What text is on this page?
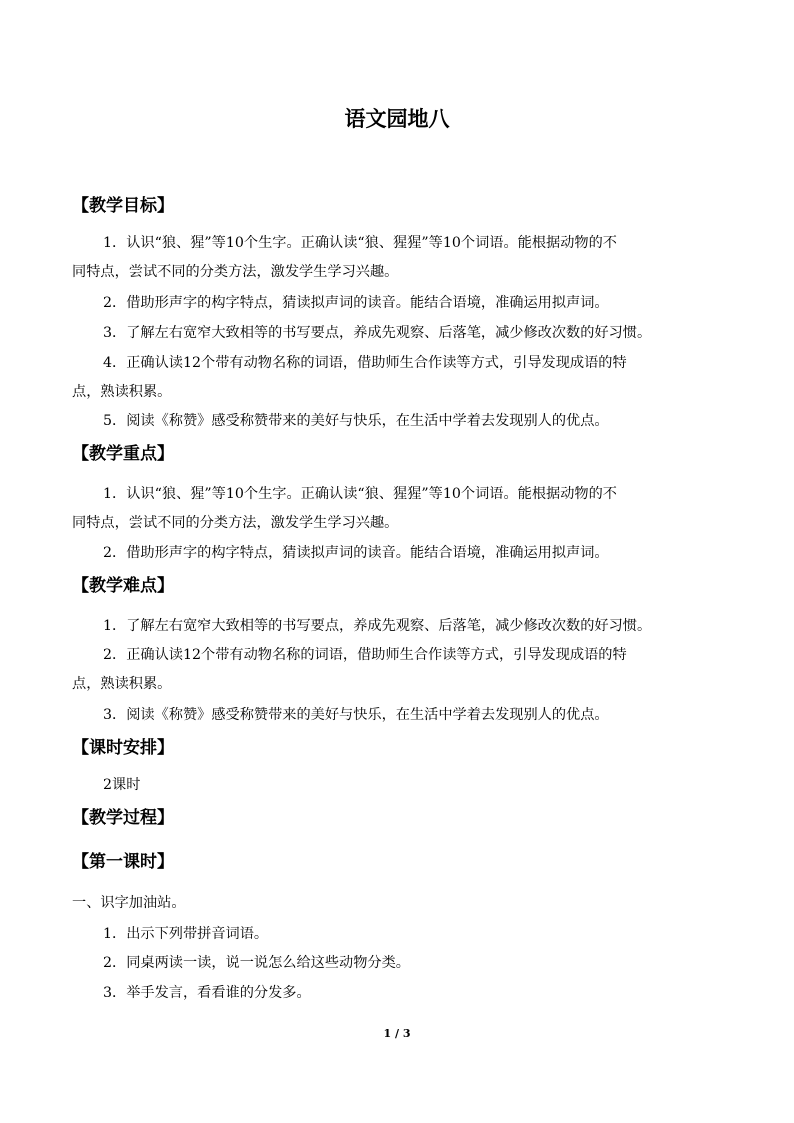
语文园地八
【教学目标】

1．认识“狼、猩”等10个生字。正确认读“狼、猩猩”等10个词语。能根据动物的不

同特点，尝试不同的分类方法，激发学生学习兴趣。

2．借助形声字的构字特点，猜读拟声词的读音。能结合语境，准确运用拟声词。

3．了解左右宽窄大致相等的书写要点，养成先观察、后落笔，减少修改次数的好习惯。

4．正确认读12个带有动物名称的词语，借助师生合作读等方式，引导发现成语的特

点，熟读积累。

5．阅读《称赞》感受称赞带来的美好与快乐，在生活中学着去发现别人的优点。

【教学重点】

1．认识“狼、猩”等10个生字。正确认读“狼、猩猩”等10个词语。能根据动物的不

同特点，尝试不同的分类方法，激发学生学习兴趣。

2．借助形声字的构字特点，猜读拟声词的读音。能结合语境，准确运用拟声词。

【教学难点】

1．了解左右宽窄大致相等的书写要点，养成先观察、后落笔，减少修改次数的好习惯。

2．正确认读12个带有动物名称的词语，借助师生合作读等方式，引导发现成语的特

点，熟读积累。

3．阅读《称赞》感受称赞带来的美好与快乐，在生活中学着去发现别人的优点。

【课时安排】

2课时

【教学过程】
【第一课时】

一、识字加油站。

1．出示下列带拼音词语。

2．同桌两读一读，说一说怎么给这些动物分类。

3．举手发言，看看谁的分发多。

1 / 3
